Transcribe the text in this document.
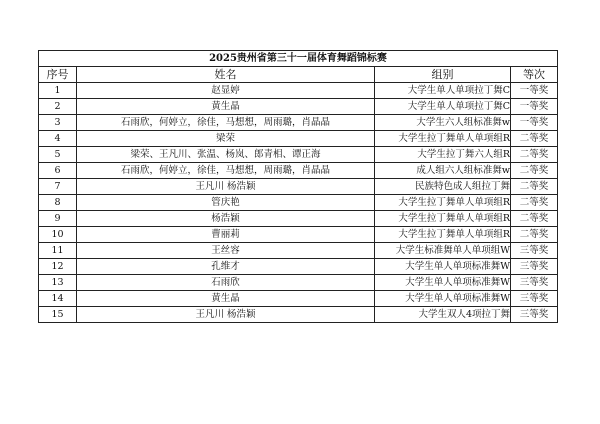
2025贵州省第三十一届体育舞蹈锦标赛			
序号	姓名	组别	等次
1	赵显婷	大学生单人单项拉丁舞C	一等奖
2	黄生晶	大学生单人单项拉丁舞C	一等奖
3	石雨欣，何婷立，徐佳，马想想，周雨璐，肖晶晶	大学生六人组标准舞w	一等奖
4	梁荣	大学生拉丁舞单人单项组R	二等奖
5	梁荣、王凡川、张温、杨岚、郎青相、谭正海	大学生拉丁舞六人组R	二等奖
6	石雨欣，何婷立，徐佳，马想想，周雨璐，肖晶晶	成人组六人组标准舞w	二等奖
7	王凡川 杨浩颖	民族特色成人组拉丁舞	二等奖
8	管庆艳	大学生拉丁舞单人单项组R	二等奖
9	杨浩颖	大学生拉丁舞单人单项组R	二等奖
10	曹丽莉	大学生拉丁舞单人单项组R	二等奖
11	王丝容	大学生标准舞单人单项组W	三等奖
12	孔维才	大学生单人单项标准舞W	三等奖
13	石雨欣	大学生单人单项标准舞W	三等奖
14	黄生晶	大学生单人单项标准舞W	三等奖
15	王凡川 杨浩颖	大学生双人4项拉丁舞	三等奖
